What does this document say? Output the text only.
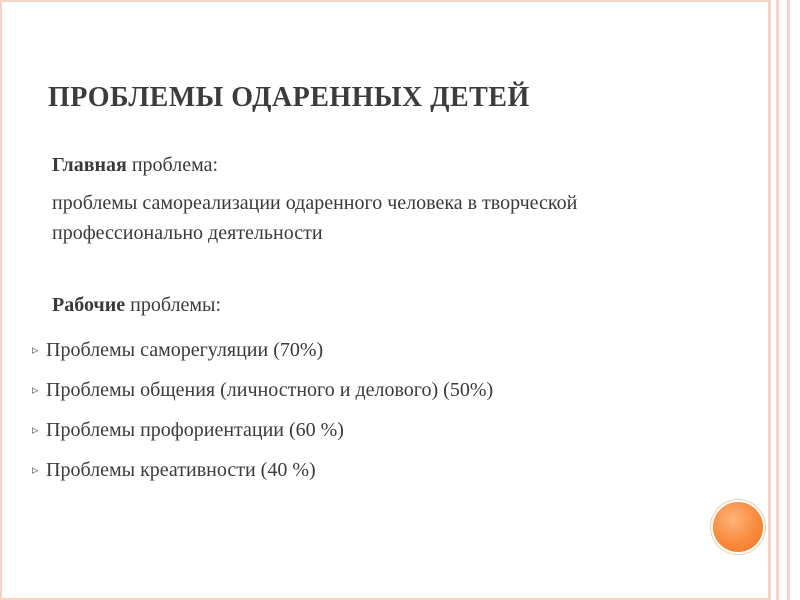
ПРОБЛЕМЫ ОДАРЕННЫХ ДЕТЕЙ
Главная проблема:
проблемы самореализации одаренного человека в творческой профессионально деятельности
Рабочие проблемы:
▹ Проблемы саморегуляции (70%)
▹ Проблемы общения (личностного и делового) (50%)
▹ Проблемы профориентации (60 %)
▹ Проблемы креативности (40 %)
